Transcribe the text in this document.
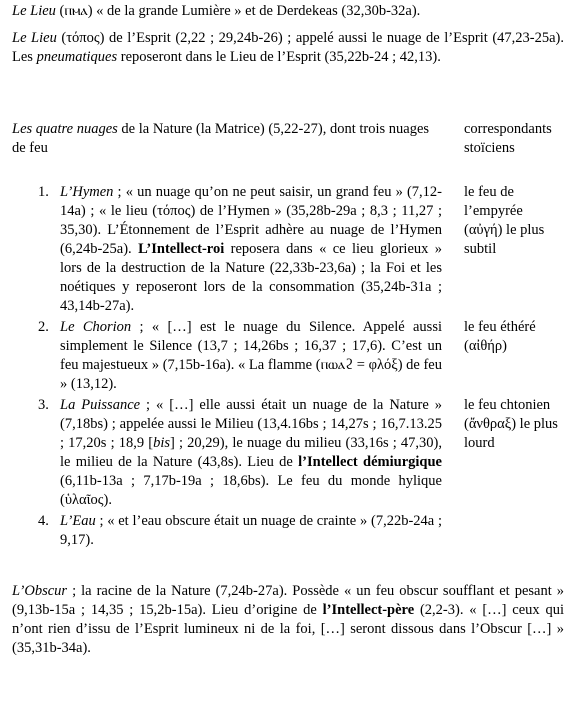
Le Lieu (ⲡⲙⲁ) « de la grande Lumière » et de Derdekeas (32,30b-32a).

Le Lieu (τόπος) de l’Esprit (2,22 ; 29,24b-26) ; appelé aussi le nuage de l’Esprit (47,23-25a). Les pneumatiques reposeront dans le Lieu de l’Esprit (35,22b-24 ; 42,13).

Les quatre nuages de la Nature (la Matrice) (5,22-27), dont trois nuages de feu

correspondants stoïciens

1. L’Hymen ; « un nuage qu’on ne peut saisir, un grand feu » (7,12-14a) ; « le lieu (τόπος) de l’Hymen » (35,28b-29a ; 8,3 ; 11,27 ; 35,30). L’Étonnement de l’Esprit adhère au nuage de l’Hymen (6,24b-25a). L’Intellect-roi reposera dans « ce lieu glorieux » lors de la destruction de la Nature (22,33b-23,6a) ; la Foi et les noétiques y reposeront lors de la consommation (35,24b-31a ; 43,14b-27a).

le feu de l’empyrée (αὐγή) le plus subtil

2. Le Chorion ; « […] est le nuage du Silence. Appelé aussi simplement le Silence (13,7 ; 14,26bs ; 16,37 ; 17,6). C’est un feu majestueux » (7,15b-16a). « La flamme (ⲡⲱⲁϩ = φλόξ) de feu » (13,12).

le feu éthéré (αἰθήρ)

3. La Puissance ; « […] elle aussi était un nuage de la Nature » (7,18bs) ; appelée aussi le Milieu (13,4.16bs ; 14,27s ; 16,7.13.25 ; 17,20s ; 18,9 [bis] ; 20,29), le nuage du milieu (33,16s ; 47,30), le milieu de la Nature (43,8s). Lieu de l’Intellect démiurgique (6,11b-13a ; 7,17b-19a ; 18,6bs). Le feu du monde hylique (ὑλαῖος).

le feu chtonien (ἄνθραξ) le plus lourd

4. L’Eau ; « et l’eau obscure était un nuage de crainte » (7,22b-24a ; 9,17).

L’Obscur ; la racine de la Nature (7,24b-27a). Possède « un feu obscur soufflant et pesant » (9,13b-15a ; 14,35 ; 15,2b-15a). Lieu d’origine de l’Intellect-père (2,2-3). « […] ceux qui n’ont rien d’issu de l’Esprit lumineux ni de la foi, […] seront dissous dans l’Obscur […] » (35,31b-34a).
